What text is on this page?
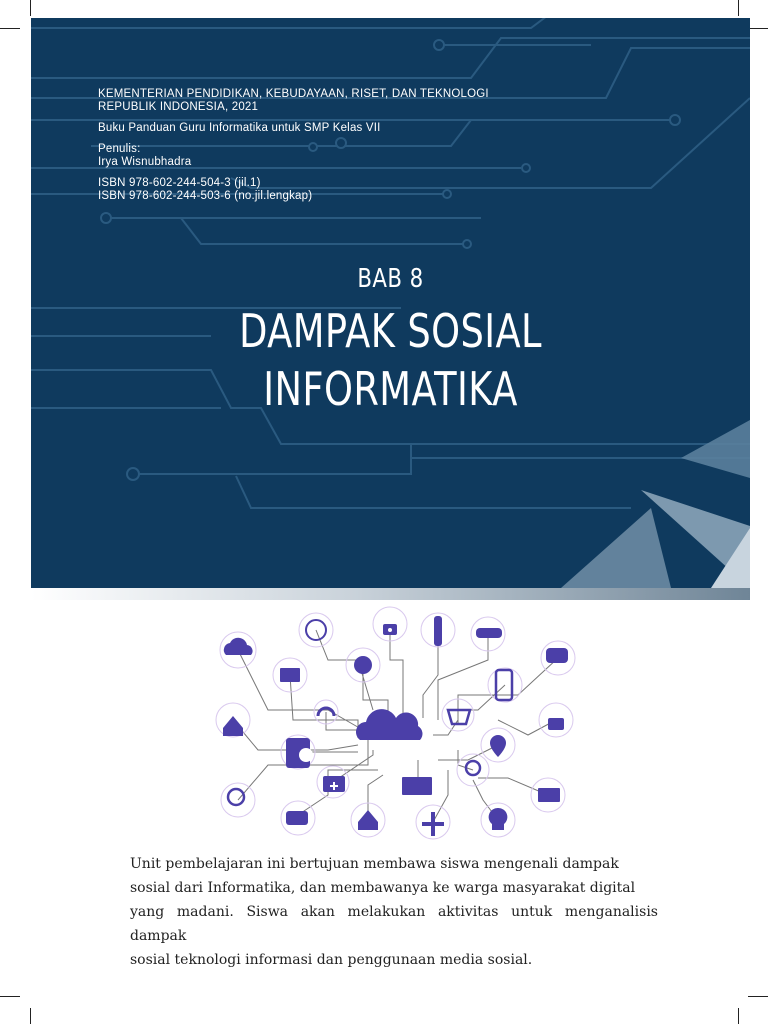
KEMENTERIAN PENDIDIKAN, KEBUDAYAAN, RISET, DAN TEKNOLOGI

REPUBLIK INDONESIA, 2021

Buku Panduan Guru Informatika untuk SMP Kelas VII

Penulis:

Irya Wisnubhadra

ISBN 978-602-244-504-3 (jil.1)

ISBN 978-602-244-503-6 (no.jil.lengkap)

BAB 8
DAMPAK SOSIAL
INFORMATIKA
Unit pembelajaran ini bertujuan membawa siswa mengenali dampak
sosial dari Informatika, dan membawanya ke warga masyarakat digital
yang madani. Siswa akan melakukan aktivitas untuk menganalisis dampak
sosial teknologi informasi dan penggunaan media sosial.
